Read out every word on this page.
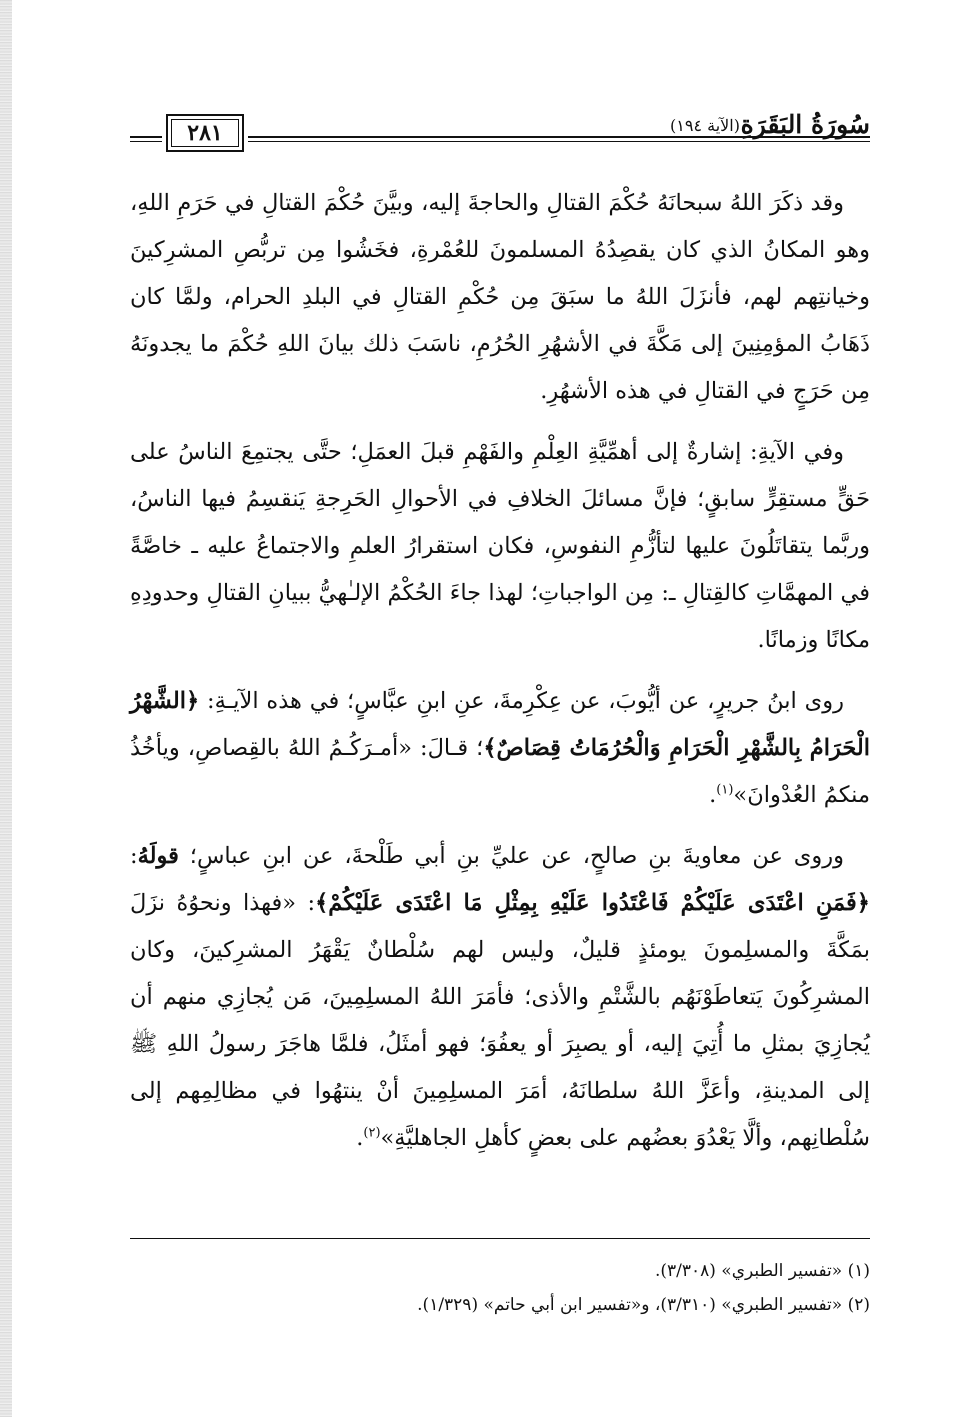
سُورَةُ البَقَرَةِ
(الآية ١٩٤)
٢٨١

وقد ذكَرَ اللهُ سبحانَهُ حُكْمَ القتالِ والحاجةَ إليه، وبيَّنَ حُكْمَ القتالِ في حَرَمِ اللهِ، وهو المكانُ الذي كان يقصِدُهُ المسلمونَ للعُمْرةِ، فخَشُوا مِن تربُّصِ المشرِكينَ وخيانتِهم لهم، فأنزَلَ اللهُ ما سبَقَ مِن حُكْمِ القتالِ في البلدِ الحرام، ولمَّا كان ذَهَابُ المؤمِنِينَ إلى مَكَّةَ في الأشهُرِ الحُرُمِ، ناسَبَ ذلك بيانَ اللهِ حُكْمَ ما يجدونَهُ مِن حَرَجٍ في القتالِ في هذه الأشهُرِ.

وفي الآيةِ: إشارةٌ إلى أهمِّيَّةِ العِلْمِ والفَهْمِ قبلَ العمَلِ؛ حتَّى يجتمِعَ الناسُ على حَقٍّ مستقِرٍّ سابقٍ؛ فإنَّ مسائلَ الخلافِ في الأحوالِ الحَرِجةِ يَنقسِمُ فيها الناسُ، وربَّما يتقاتَلُونَ عليها لتأزُّمِ النفوسِ، فكان استقرارُ العلمِ والاجتماعُ عليه ـ خاصَّةً في المهمَّاتِ كالقِتالِ ـ: مِن الواجباتِ؛ لهذا جاءَ الحُكْمُ الإلـٰهيُّ ببيانِ القتالِ وحدودِهِ مكانًا وزمانًا.

روى ابنُ جريرٍ، عن أيُّوبَ، عن عِكْرِمةَ، عنِ ابنِ عبَّاسٍ؛ في هذه الآيـةِ: ﴿الشَّهْرُ الْحَرَامُ بِالشَّهْرِ الْحَرَامِ وَالْحُرُمَاتُ قِصَاصٌ﴾؛ قـالَ: «أمـرَكُـمُ اللهُ بالقِصاصِ، ويأخُذُ منكمُ العُدْوانَ»$^{(١)}$.

وروى عن معاويةَ بنِ صالحٍ، عن عليِّ بنِ أبي طَلْحةَ، عن ابنِ عباسٍ؛ قولَهُ: ﴿فَمَنِ اعْتَدَى عَلَيْكُمْ فَاعْتَدُوا عَلَيْهِ بِمِثْلِ مَا اعْتَدَى عَلَيْكُمْ﴾: «فهذا ونحوُهُ نزَلَ بمَكَّةَ والمسلِمونَ يومئذٍ قليلٌ، وليس لهم سُلْطانٌ يَقْهَرُ المشرِكينَ، وكان المشرِكُونَ يَتعاطَوْنَهُم بالشَّتْمِ والأذى؛ فأمَرَ اللهُ المسلِمِينَ، مَن يُجازِي منهم أن يُجازِيَ بمثلِ ما أُتِيَ إليه، أو يصبِرَ أو يعفُوَ؛ فهو أمثَلُ، فلمَّا هاجَرَ رسولُ اللهِ ﷺ إلى المدينةِ، وأعَزَّ اللهُ سلطانَهُ، أمَرَ المسلِمِينَ أنْ ينتهُوا في مظالِمِهم إلى سُلْطانِهم، وألَّا يَعْدُوَ بعضُهم على بعضٍ كأهلِ الجاهليَّةِ»$^{(٢)}$.

(١) «تفسير الطبري» (٣/٣٠٨).

(٢) «تفسير الطبري» (٣/٣١٠)، و«تفسير ابن أبي حاتم» (١/٣٢٩).
